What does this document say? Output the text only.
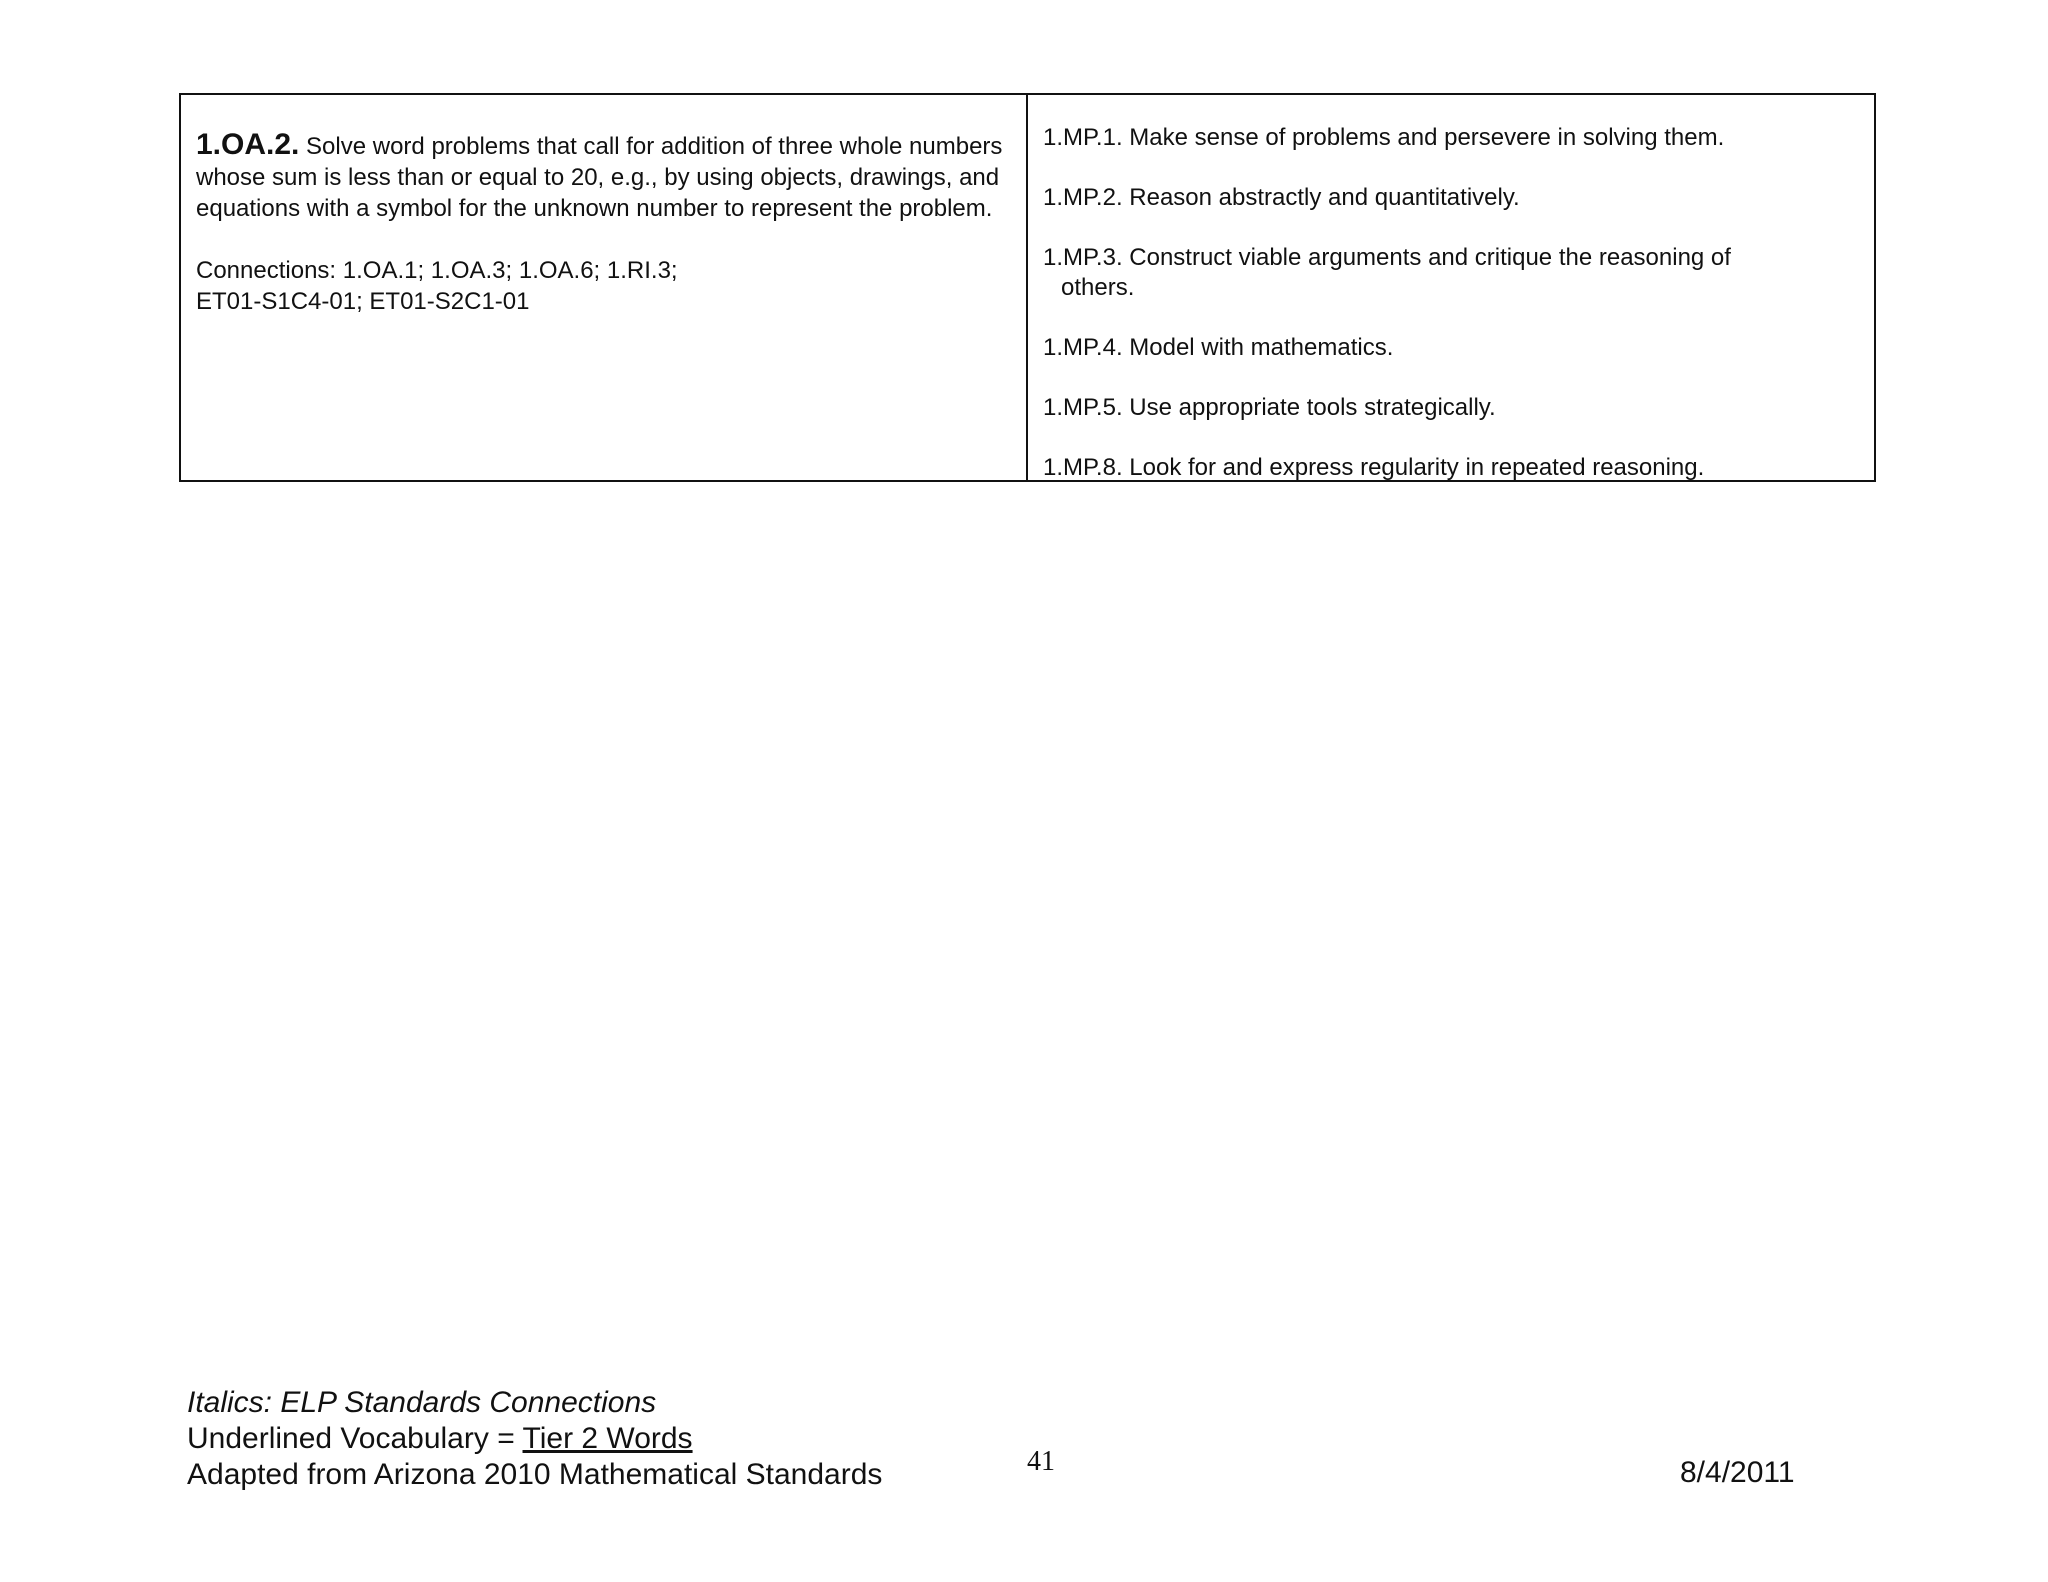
1.OA.2. Solve word problems that call for addition of three whole numbers whose sum is less than or equal to 20, e.g., by using objects, drawings, and equations with a symbol for the unknown number to represent the problem.
Connections: 1.OA.1; 1.OA.3; 1.OA.6; 1.RI.3;
ET01-S1C4-01; ET01-S2C1-01
1.MP.1. Make sense of problems and persevere in solving them.
1.MP.2. Reason abstractly and quantitatively.
1.MP.3. Construct viable arguments and critique the reasoning of
others.
1.MP.4. Model with mathematics.
1.MP.5. Use appropriate tools strategically.
1.MP.8. Look for and express regularity in repeated reasoning.
Italics: ELP Standards Connections
Underlined Vocabulary = Tier 2 Words
Adapted from Arizona 2010 Mathematical Standards	41	8/4/2011
